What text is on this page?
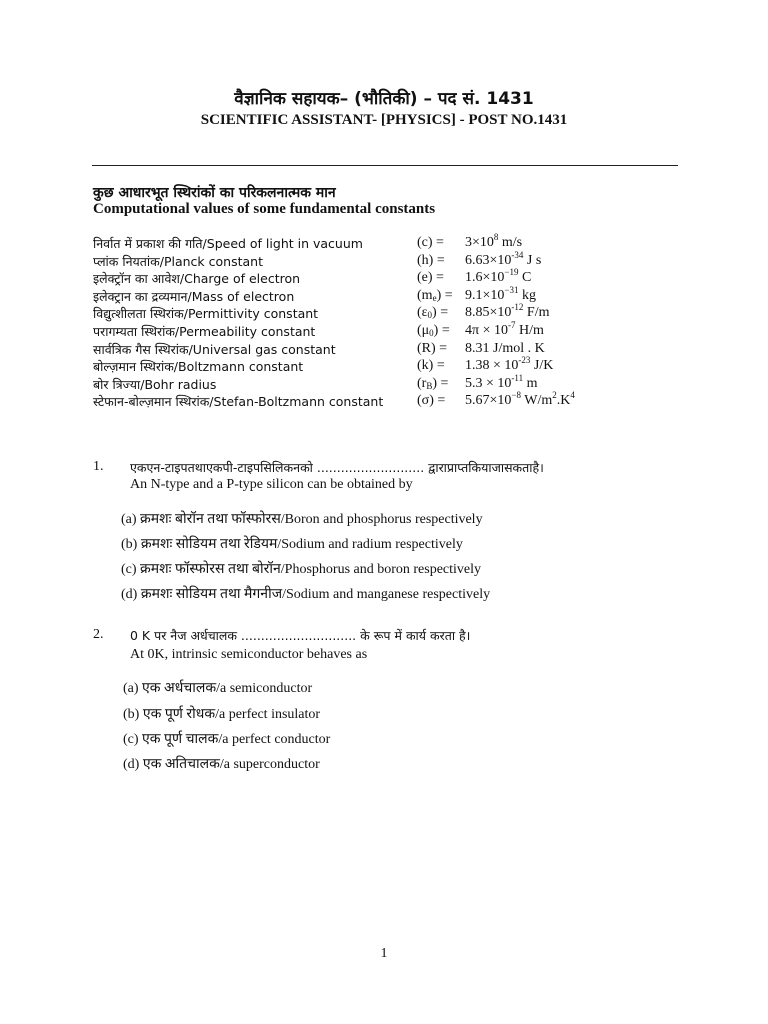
वैज्ञानिक सहायक– (भौतिकी) – पद सं. 1431
SCIENTIFIC ASSISTANT- [PHYSICS] - POST NO.1431
कुछ आधारभूत स्थिरांकों का परिकलनात्मक मान
Computational values of some fundamental constants
निर्वात में प्रकाश की गति/Speed of light in vacuum	$(c) = 3\times 10^8$ m/s
प्लांक नियतांक/Planck constant	$(h) = 6.63\times 10^{-34}$ J s
इलेक्ट्रॉन का आवेश/Charge of electron	$(e) = 1.6\times 10^{-19}$ C
इलेक्ट्रान का द्रव्यमान/Mass of electron	$(m_e) = 9.1\times 10^{-31}$ kg
विद्युत्शीलता स्थिरांक/Permittivity constant	$(\varepsilon_0) = 8.85\times 10^{-12}$ F/m
परागम्यता स्थिरांक/Permeability constant	$(\mu_0) = 4\pi \times 10^{-7}$ H/m
सार्वत्रिक गैस स्थिरांक/Universal gas constant	(R) = 8.31 J/mol . K
बोल्ज़मान स्थिरांक/Boltzmann constant	$(k) = 1.38 \times 10^{-23}$ J/K
बोर त्रिज्या/Bohr radius	$(r_B) = 5.3 \times 10^{-11}$ m
स्टेफान-बोल्ज़मान स्थिरांक/Stefan-Boltzmann constant $(\sigma) = 5.67\times 10^{-8}$ $W/m^2.K^4$
1. एकएन-टाइपतथाएकपी-टाइपसिलिकनको ........................... द्वाराप्राप्तकियाजासकताहै।
An N-type and a P-type silicon can be obtained by
(a) क्रमशः बोरॉन तथा फॉस्फोरस/Boron and phosphorus respectively
(b) क्रमशः सोडियम तथा रेडियम/Sodium and radium respectively
(c) क्रमशः फॉस्फोरस तथा बोरॉन/Phosphorus and boron respectively
(d) क्रमशः सोडियम तथा मैगनीज/Sodium and manganese respectively
2. 0 K पर नैज अर्धचालक ............................. के रूप में कार्य करता है।
At 0K, intrinsic semiconductor behaves as
(a) एक अर्धचालक/a semiconductor
(b) एक पूर्ण रोधक/a perfect insulator
(c) एक पूर्ण चालक/a perfect conductor
(d) एक अतिचालक/a superconductor
1
